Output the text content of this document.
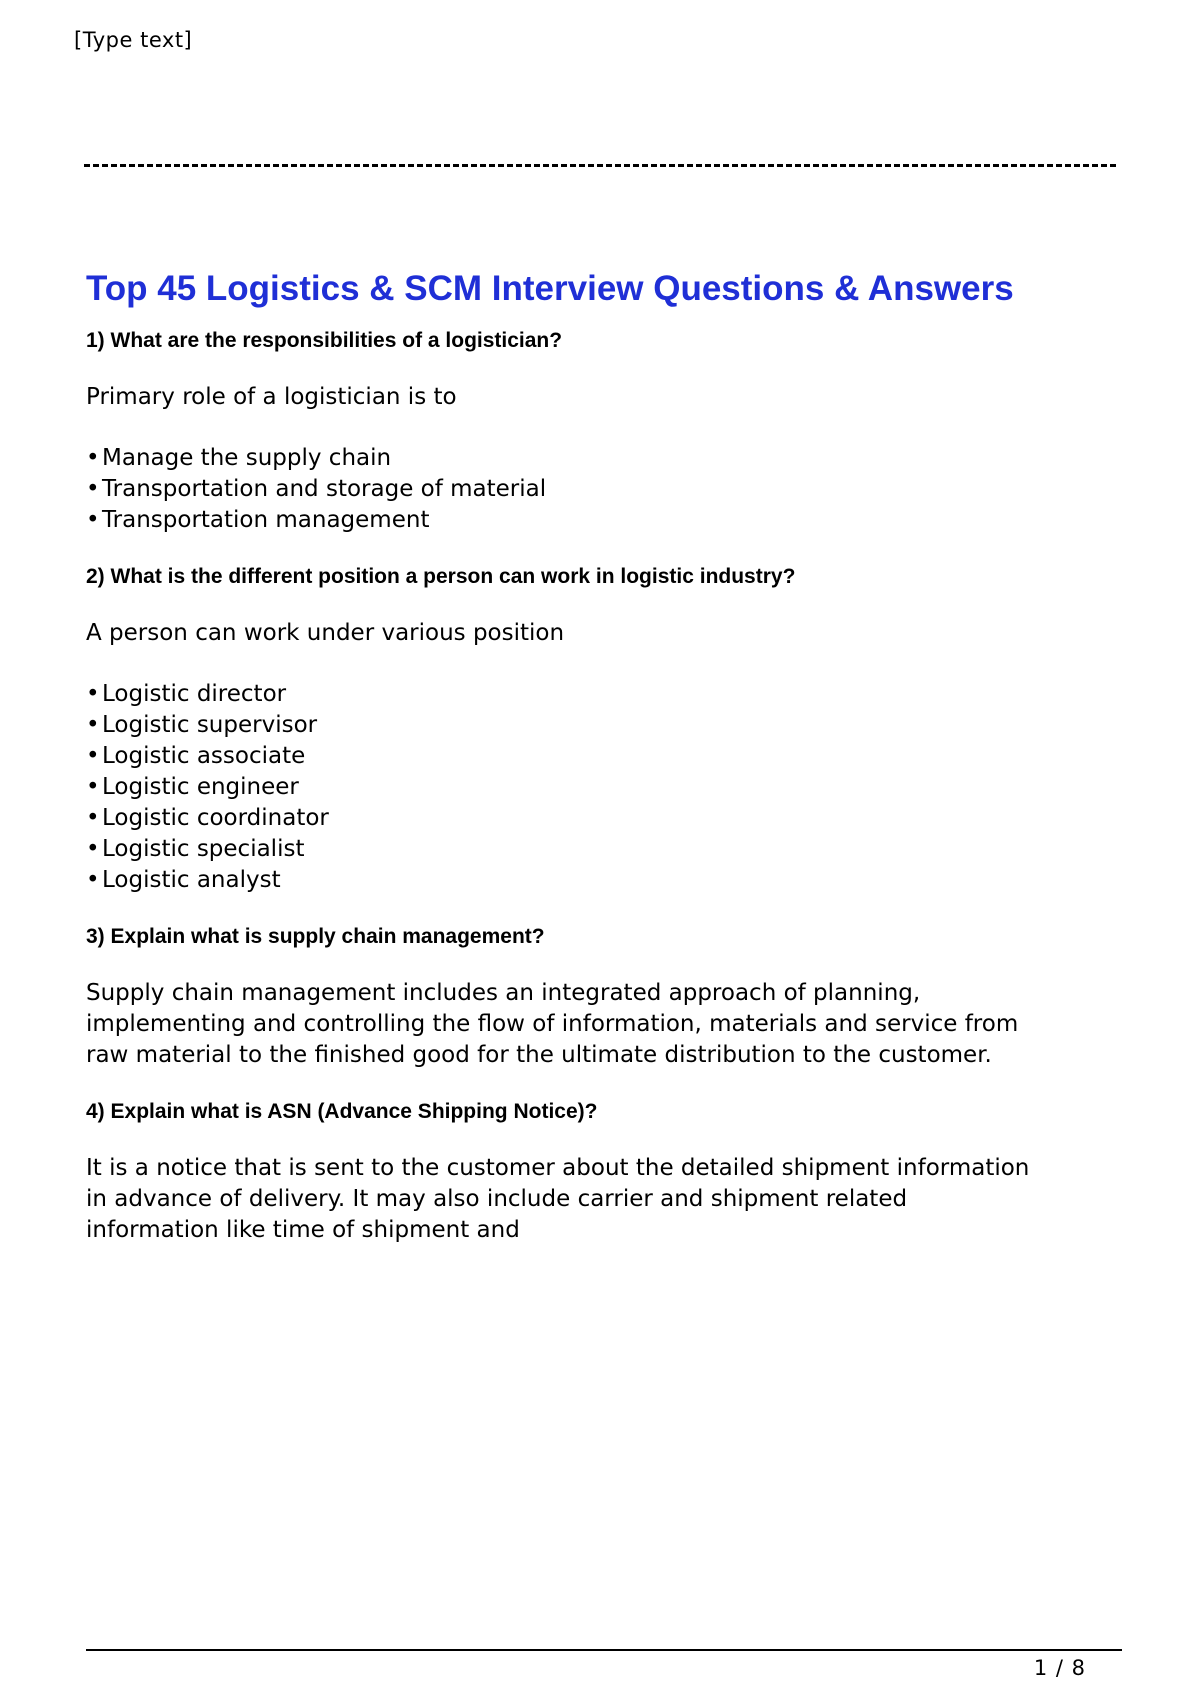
[Type text]
Top 45 Logistics & SCM Interview Questions & Answers

1) What are the responsibilities of a logistician?

Primary role of a logistician is to

• Manage the supply chain
• Transportation and storage of material
• Transportation management

2) What is the different position a person can work in logistic industry?

A person can work under various position

• Logistic director
• Logistic supervisor
• Logistic associate
• Logistic engineer
• Logistic coordinator
• Logistic specialist
• Logistic analyst

3) Explain what is supply chain management?

Supply chain management includes an integrated approach of planning,

implementing and controlling the flow of information, materials and service from

raw material to the finished good for the ultimate distribution to the customer.

4) Explain what is ASN (Advance Shipping Notice)?

It is a notice that is sent to the customer about the detailed shipment information

in advance of delivery. It may also include carrier and shipment related

information like time of shipment and

1 / 8
